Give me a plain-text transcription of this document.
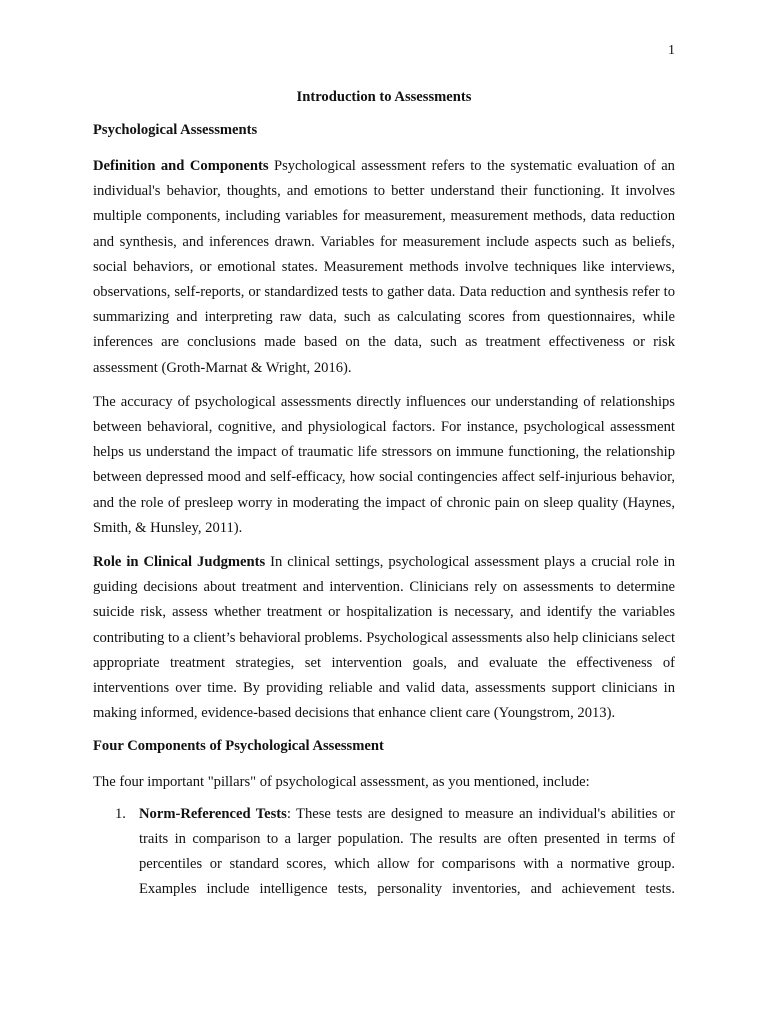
1
Introduction to Assessments
Psychological Assessments

Definition and Components Psychological assessment refers to the systematic evaluation of an individual's behavior, thoughts, and emotions to better understand their functioning. It involves multiple components, including variables for measurement, measurement methods, data reduction and synthesis, and inferences drawn. Variables for measurement include aspects such as beliefs, social behaviors, or emotional states. Measurement methods involve techniques like interviews, observations, self-reports, or standardized tests to gather data. Data reduction and synthesis refer to summarizing and interpreting raw data, such as calculating scores from questionnaires, while inferences are conclusions made based on the data, such as treatment effectiveness or risk assessment (Groth-Marnat & Wright, 2016).

The accuracy of psychological assessments directly influences our understanding of relationships between behavioral, cognitive, and physiological factors. For instance, psychological assessment helps us understand the impact of traumatic life stressors on immune functioning, the relationship between depressed mood and self-efficacy, how social contingencies affect self-injurious behavior, and the role of presleep worry in moderating the impact of chronic pain on sleep quality (Haynes, Smith, & Hunsley, 2011).

Role in Clinical Judgments In clinical settings, psychological assessment plays a crucial role in guiding decisions about treatment and intervention. Clinicians rely on assessments to determine suicide risk, assess whether treatment or hospitalization is necessary, and identify the variables contributing to a client’s behavioral problems. Psychological assessments also help clinicians select appropriate treatment strategies, set intervention goals, and evaluate the effectiveness of interventions over time. By providing reliable and valid data, assessments support clinicians in making informed, evidence-based decisions that enhance client care (Youngstrom, 2013).

Four Components of Psychological Assessment

The four important "pillars" of psychological assessment, as you mentioned, include:

1. Norm-Referenced Tests: These tests are designed to measure an individual's abilities or traits in comparison to a larger population. The results are often presented in terms of percentiles or standard scores, which allow for comparisons with a normative group. Examples include intelligence tests, personality inventories, and achievement tests.
